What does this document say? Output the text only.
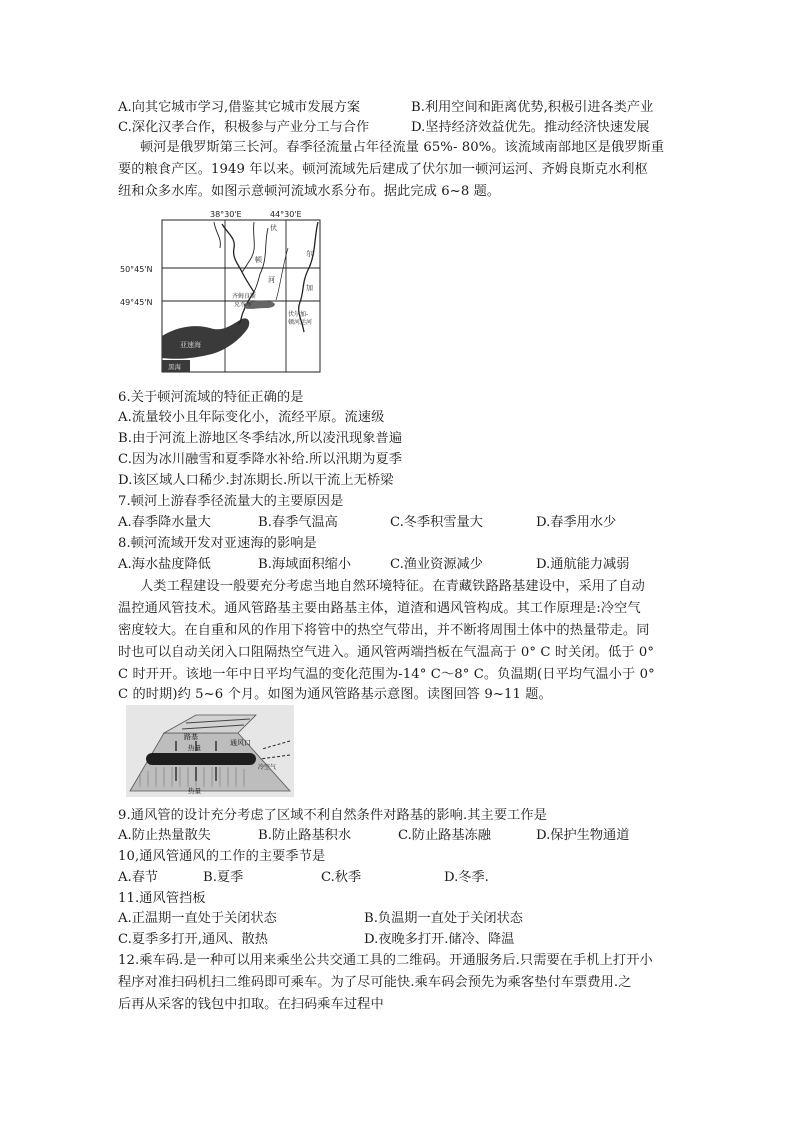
A.向其它城市学习,借鉴其它城市发展方案	B.利用空间和距离优势,积极引进各类产业
C.深化汉孝合作，积极参与产业分工与合作	D.坚持经济效益优先。推动经济快速发展
顿河是俄罗斯第三长河。春季径流量占年径流量 65%- 80%。该流域南部地区是俄罗斯重
要的粮食产区。1949 年以来。顿河流域先后建成了伏尔加一顿河运河、齐姆良斯克水利枢
纽和众多水库。如图示意顿河流域水系分布。据此完成 6~8 题。
38°30'E	44°30'E
50°45'N
49°45'N
亚速海
黑海
伏
尔
加
顿
河
齐姆良斯
克水库
伏尔加-
顿河运河
6.关于顿河流域的特征正确的是
A.流量较小且年际变化小，流经平原。流速级
B.由于河流上游地区冬季结冰,所以凌汛现象普遍
C.因为冰川融雪和夏季降水补给.所以汛期为夏季
D.该区域人口稀少.封冻期长.所以干流上无桥梁
7.顿河上游春季径流量大的主要原因是
A.春季降水量大	B.春季气温高	C.冬季积雪量大	D.春季用水少
8.顿河流域开发对亚速海的影响是
A.海水盐度降低	B.海域面积缩小	C.渔业资源减少	D.通航能力减弱
人类工程建设一般要充分考虑当地自然环境特征。在青藏铁路路基建设中，采用了自动
温控通风管技术。通风管路基主要由路基主体，道渣和遇风管构成。其工作原理是:冷空气
密度较大。在自重和风的作用下将管中的热空气带出，并不断将周围土体中的热量带走。同
时也可以自动关闭入口阻隔热空气进入。通风管两端挡板在气温高于 0° C 时关闭。低于 0°
C 时开开。该地一年中日平均气温的变化范围为-14° C～8° C。负温期(日平均气温小于 0°
C 的时期)约 5~6 个月。如图为通风管路基示意图。读图回答 9~11 题。
路基
热量
通风口
冷空气
热量
9.通风管的设计充分考虑了区域不利自然条件对路基的影响.其主要工作是
A.防止热量散失	B.防止路基积水	C.防止路基冻融	D.保护生物通道
10,通风管通风的工作的主要季节是
A.春节	B.夏季	C.秋季	D.冬季.
11.通风管挡板
A.正温期一直处于关闭状态	B.负温期一直处于关闭状态
C.夏季多打开,通风、散热	D.夜晚多打开.储冷、降温
12.乘车码.是一种可以用来乘坐公共交通工具的二维码。开通服务后.只需要在手机上打开小
程序对准扫码机扫二维码即可乘车。为了尽可能快.乘车码会预先为乘客垫付车票费用.之
后再从采客的钱包中扣取。在扫码乘车过程中
